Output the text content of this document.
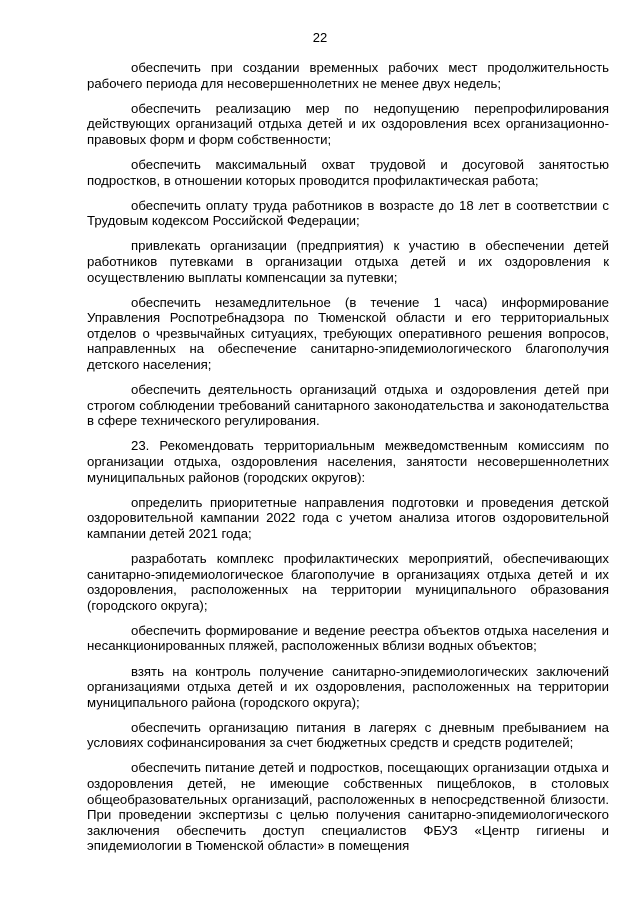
22

обеспечить при создании временных рабочих мест продолжительность рабочего периода для несовершеннолетних не менее двух недель;

обеспечить реализацию мер по недопущению перепрофилирования действующих организаций отдыха детей и их оздоровления всех организационно-правовых форм и форм собственности;

обеспечить максимальный охват трудовой и досуговой занятостью подростков, в отношении которых проводится профилактическая работа;

обеспечить оплату труда работников в возрасте до 18 лет в соответствии с Трудовым кодексом Российской Федерации;

привлекать организации (предприятия) к участию в обеспечении детей работников путевками в организации отдыха детей и их оздоровления к осуществлению выплаты компенсации за путевки;

обеспечить незамедлительное (в течение 1 часа) информирование Управления Роспотребнадзора по Тюменской области и его территориальных отделов о чрезвычайных ситуациях, требующих оперативного решения вопросов, направленных на обеспечение санитарно-эпидемиологического благополучия детского населения;

обеспечить деятельность организаций отдыха и оздоровления детей при строгом соблюдении требований санитарного законодательства и законодательства в сфере технического регулирования.

23. Рекомендовать территориальным межведомственным комиссиям по организации отдыха, оздоровления населения, занятости несовершеннолетних муниципальных районов (городских округов):

определить приоритетные направления подготовки и проведения детской оздоровительной кампании 2022 года с учетом анализа итогов оздоровительной кампании детей 2021 года;

разработать комплекс профилактических мероприятий, обеспечивающих санитарно-эпидемиологическое благополучие в организациях отдыха детей и их оздоровления, расположенных на территории муниципального образования (городского округа);

обеспечить формирование и ведение реестра объектов отдыха населения и несанкционированных пляжей, расположенных вблизи водных объектов;

взять на контроль получение санитарно-эпидемиологических заключений организациями отдыха детей и их оздоровления, расположенных на территории муниципального района (городского округа);

обеспечить организацию питания в лагерях с дневным пребыванием на условиях софинансирования за счет бюджетных средств и средств родителей;

обеспечить питание детей и подростков, посещающих организации отдыха и оздоровления детей, не имеющие собственных пищеблоков, в столовых общеобразовательных организаций, расположенных в непосредственной близости. При проведении экспертизы с целью получения санитарно-эпидемиологического заключения обеспечить доступ специалистов ФБУЗ «Центр гигиены и эпидемиологии в Тюменской области» в помещения
